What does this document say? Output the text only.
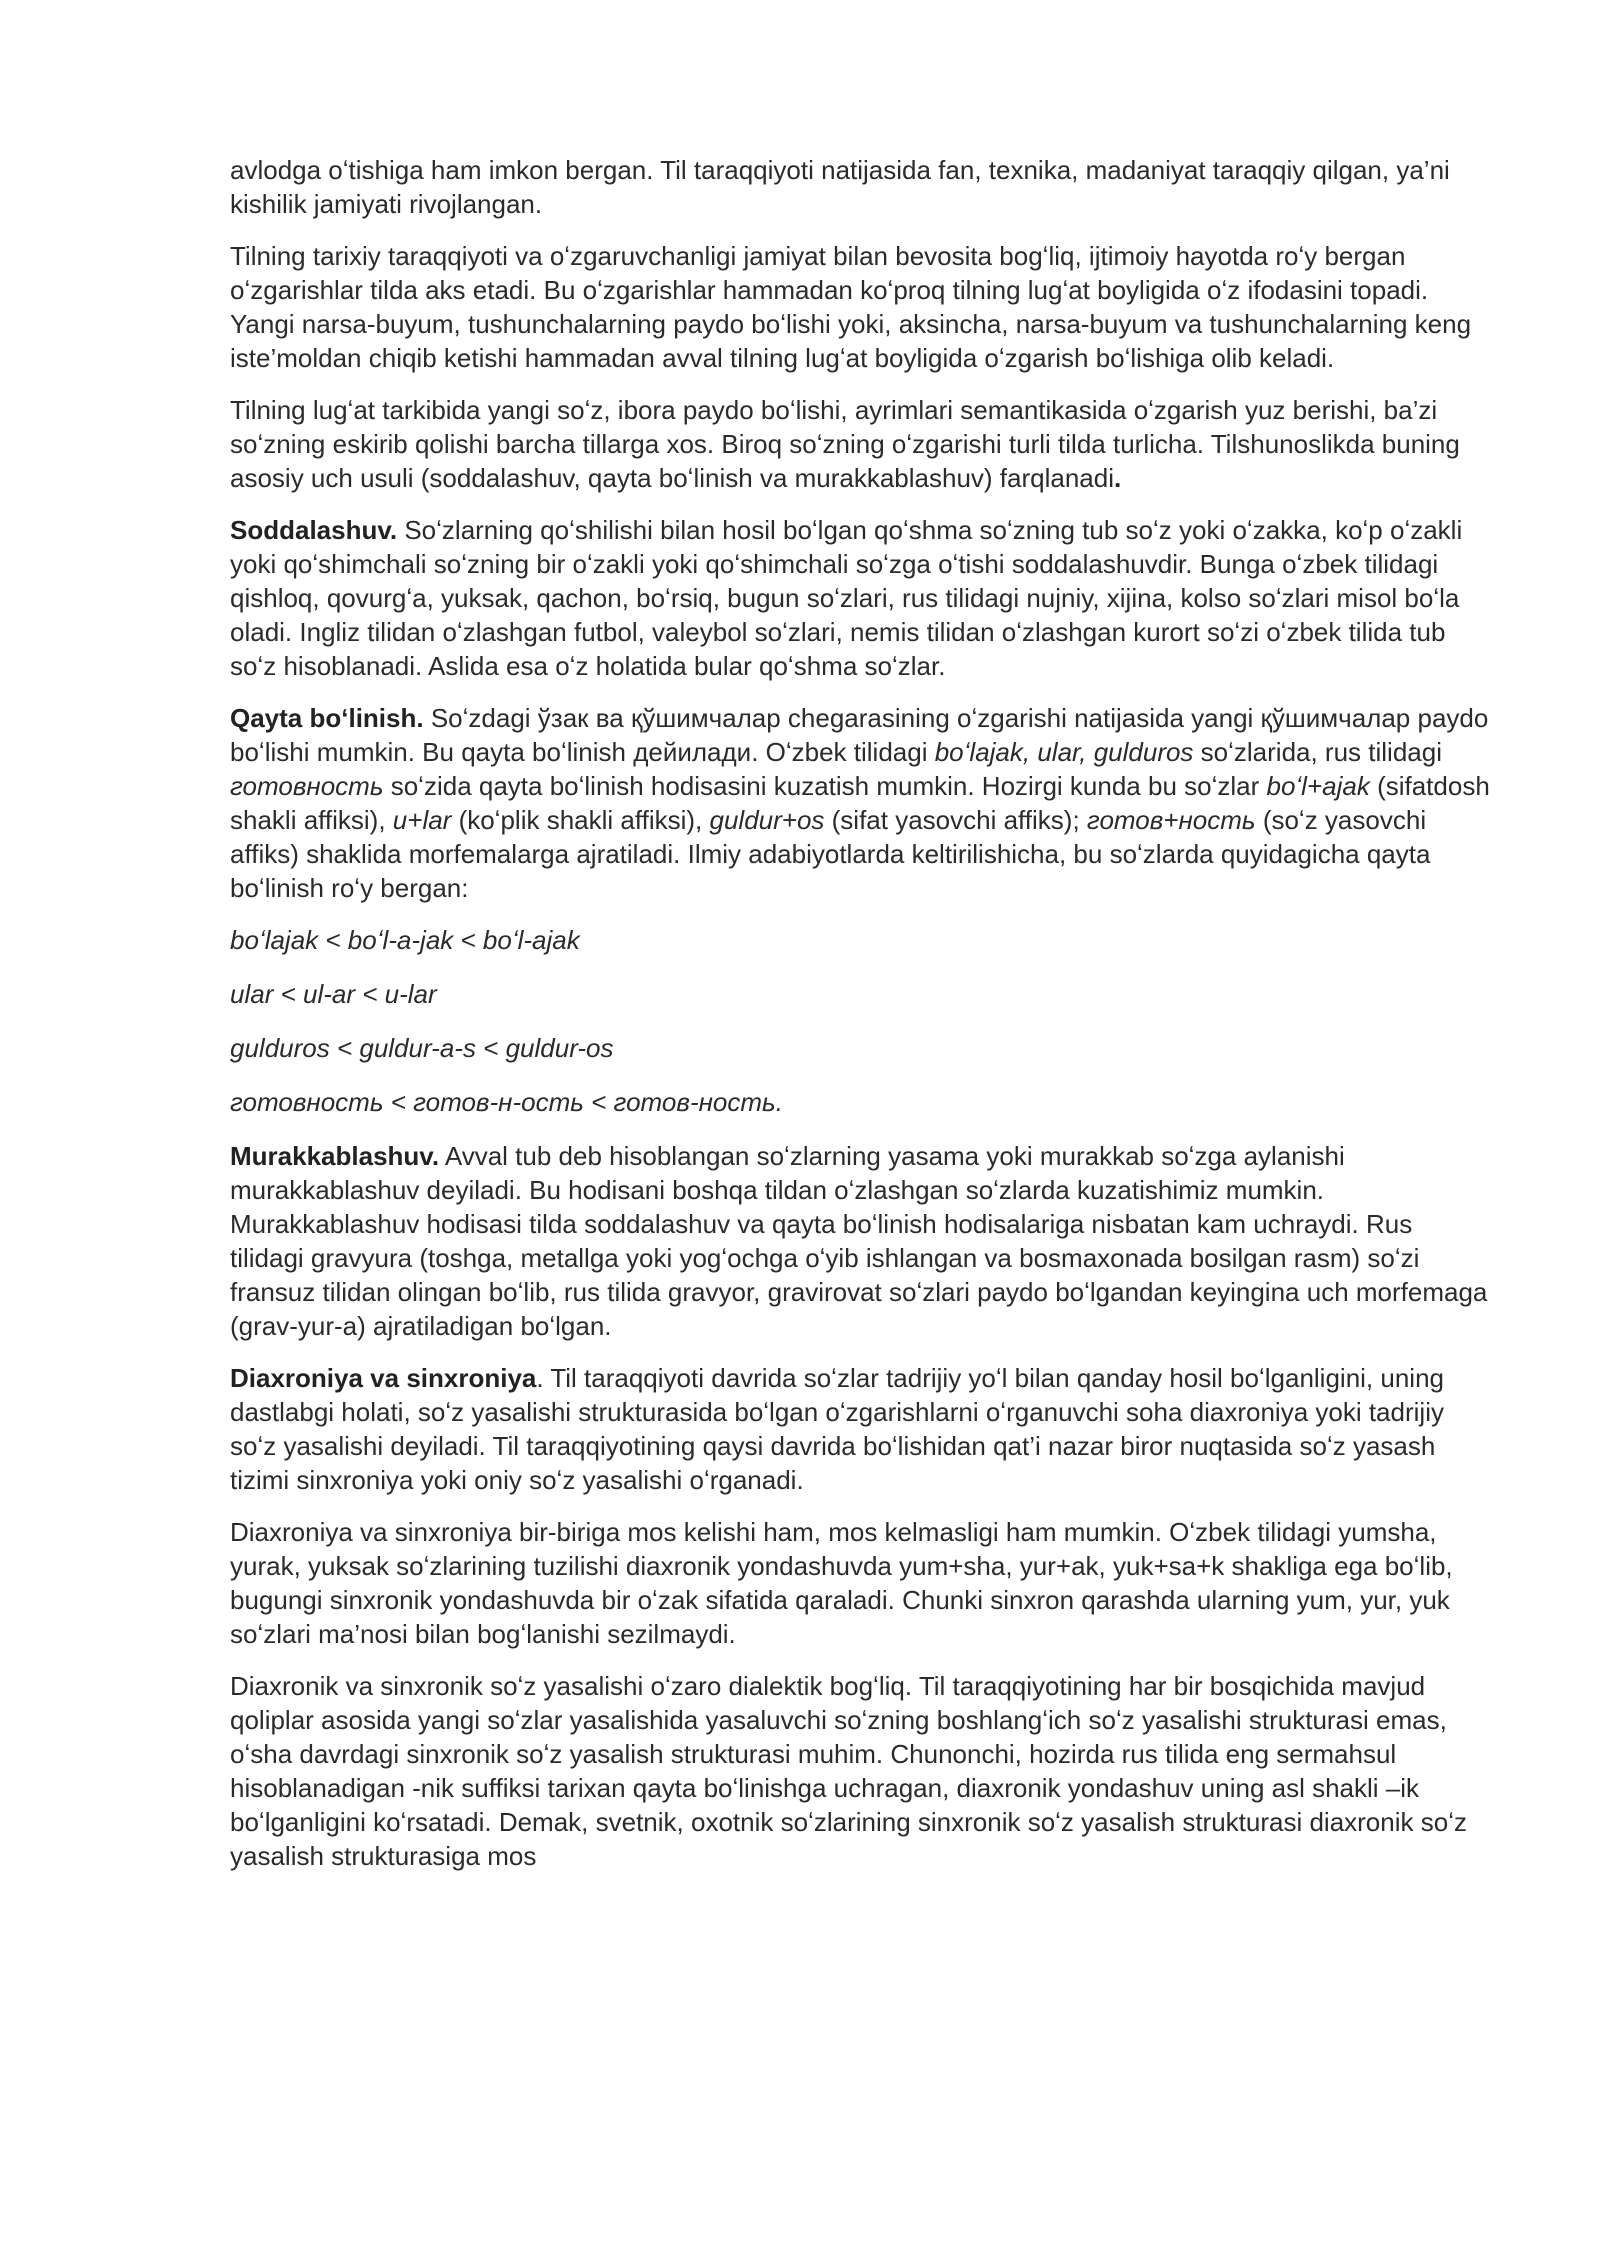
avlodga oʻtishiga ham imkon bergan. Til taraqqiyoti natijasida fan, texnika, madaniyat taraqqiy qilgan, ya’ni kishilik jamiyati rivojlangan.

Tilning tarixiy taraqqiyoti va oʻzgaruvchanligi jamiyat bilan bevosita bogʻliq, ijtimoiy hayotda roʻy bergan oʻzgarishlar tilda aks etadi. Bu oʻzgarishlar hammadan koʻproq tilning lugʻat boyligida oʻz ifodasini topadi. Yangi narsa-buyum, tushunchalarning paydo boʻlishi yoki, aksincha, narsa-buyum va tushunchalarning keng iste’moldan chiqib ketishi hammadan avval tilning lugʻat boyligida oʻzgarish boʻlishiga olib keladi.

Tilning lugʻat tarkibida yangi soʻz, ibora paydo boʻlishi, ayrimlari semantikasida oʻzgarish yuz berishi, ba’zi soʻzning eskirib qolishi barcha tillarga xos. Biroq soʻzning oʻzgarishi turli tilda turlicha. Tilshunoslikda buning asosiy uch usuli (soddalashuv, qayta boʻlinish va murakkablashuv) farqlanadi.

Soddalashuv. Soʻzlarning qoʻshilishi bilan hosil boʻlgan qoʻshma soʻzning tub soʻz yoki oʻzakka, koʻp oʻzakli yoki qoʻshimchali soʻzning bir oʻzakli yoki qoʻshimchali soʻzga oʻtishi soddalashuvdir. Bunga oʻzbek tilidagi qishloq, qovurgʻa, yuksak, qachon, boʻrsiq, bugun soʻzlari, rus tilidagi nujniy, xijina, kolso soʻzlari misol boʻla oladi. Ingliz tilidan oʻzlashgan futbol, valeybol soʻzlari, nemis tilidan oʻzlashgan kurort soʻzi oʻzbek tilida tub soʻz hisoblanadi. Aslida esa oʻz holatida bular qoʻshma soʻzlar.

Qayta boʻlinish. Soʻzdagi ўзак ва қўшимчалар chegarasining oʻzgarishi natijasida yangi қўшимчалар paydo boʻlishi mumkin. Bu qayta boʻlinish дейилади. Oʻzbek tilidagi boʻlajak, ular, gulduros soʻzlarida, rus tilidagi готовность soʻzida qayta boʻlinish hodisasini kuzatish mumkin. Hozirgi kunda bu soʻzlar boʻl+ajak (sifatdosh shakli affiksi), u+lar (koʻplik shakli affiksi), guldur+os (sifat yasovchi affiks); готов+ность (soʻz yasovchi affiks) shaklida morfemalarga ajratiladi. Ilmiy adabiyotlarda keltirilishicha, bu soʻzlarda quyidagicha qayta boʻlinish roʻy bergan:

boʻlajak < boʻl-a-jak < boʻl-ajak

ular < ul-ar < u-lar

gulduros < guldur-a-s < guldur-os

готовность < готов-н-ость < готов-ность.

Murakkablashuv. Avval tub deb hisoblangan soʻzlarning yasama yoki murakkab soʻzga aylanishi murakkablashuv deyiladi. Bu hodisani boshqa tildan oʻzlashgan soʻzlarda kuzatishimiz mumkin. Murakkablashuv hodisasi tilda soddalashuv va qayta boʻlinish hodisalariga nisbatan kam uchraydi. Rus tilidagi gravyura (toshga, metallga yoki yogʻochga oʻyib ishlangan va bosmaxonada bosilgan rasm) soʻzi fransuz tilidan olingan boʻlib, rus tilida gravyor, gravirovat soʻzlari paydo boʻlgandan keyingina uch morfemaga (grav-yur-a) ajratiladigan boʻlgan.

Diaxroniya va sinxroniya. Til taraqqiyoti davrida soʻzlar tadrijiy yoʻl bilan qanday hosil boʻlganligini, uning dastlabgi holati, soʻz yasalishi strukturasida boʻlgan oʻzgarishlarni oʻrganuvchi soha diaxroniya yoki tadrijiy soʻz yasalishi deyiladi. Til taraqqiyotining qaysi davrida boʻlishidan qat’i nazar biror nuqtasida soʻz yasash tizimi sinxroniya yoki oniy soʻz yasalishi oʻrganadi.

Diaxroniya va sinxroniya bir-biriga mos kelishi ham, mos kelmasligi ham mumkin. Oʻzbek tilidagi yumsha, yurak, yuksak soʻzlarining tuzilishi diaxronik yondashuvda yum+sha, yur+ak, yuk+sa+k shakliga ega boʻlib, bugungi sinxronik yondashuvda bir oʻzak sifatida qaraladi. Chunki sinxron qarashda ularning yum, yur, yuk soʻzlari ma’nosi bilan bogʻlanishi sezilmaydi.

Diaxronik va sinxronik soʻz yasalishi oʻzaro dialektik bogʻliq. Til taraqqiyotining har bir bosqichida mavjud qoliplar asosida yangi soʻzlar yasalishida yasaluvchi soʻzning boshlangʻich soʻz yasalishi strukturasi emas, oʻsha davrdagi sinxronik soʻz yasalish strukturasi muhim. Chunonchi, hozirda rus tilida eng sermahsul hisoblanadigan -nik suffiksi tarixan qayta boʻlinishga uchragan, diaxronik yondashuv uning asl shakli –ik boʻlganligini koʻrsatadi. Demak, svetnik, oxotnik soʻzlarining sinxronik soʻz yasalish strukturasi diaxronik soʻz yasalish strukturasiga mos
